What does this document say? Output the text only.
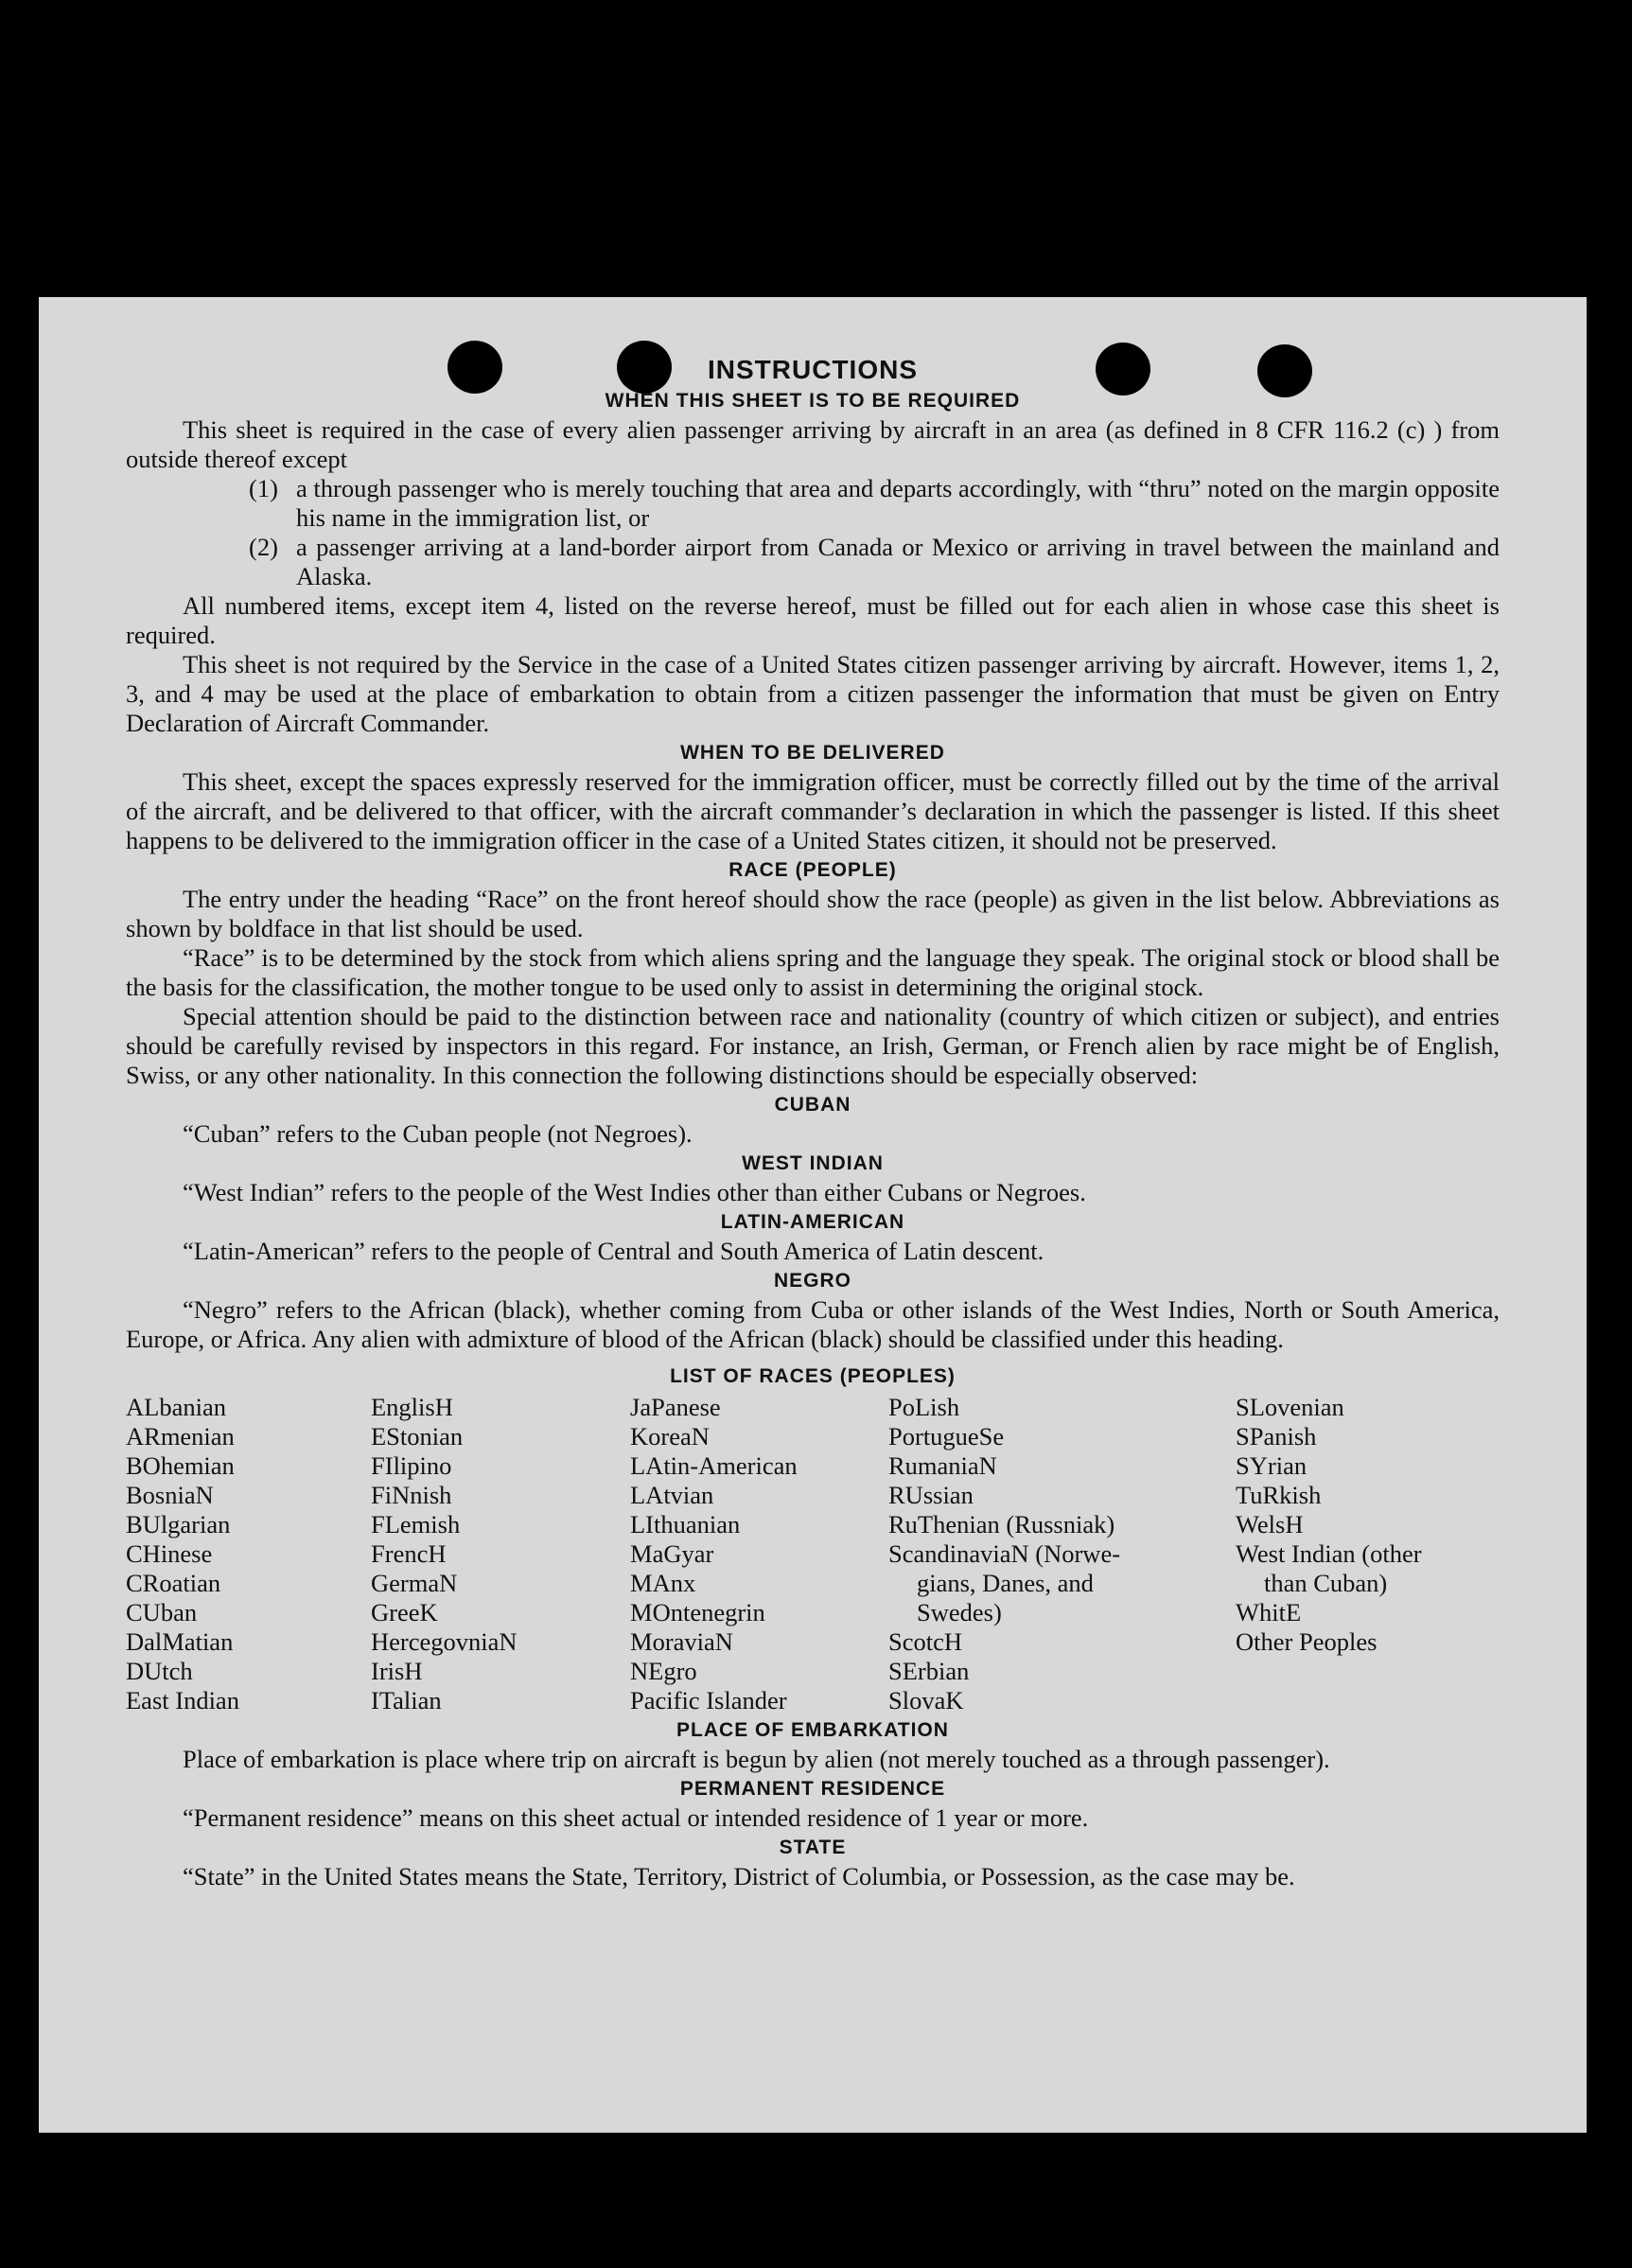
INSTRUCTIONS
WHEN THIS SHEET IS TO BE REQUIRED

This sheet is required in the case of every alien passenger arriving by aircraft in an area (as defined in 8 CFR 116.2 (c) ) from outside thereof except

(1) a through passenger who is merely touching that area and departs accordingly, with “thru” noted on the margin opposite his name in the immigration list, or
(2) a passenger arriving at a land-border airport from Canada or Mexico or arriving in travel between the mainland and Alaska.

All numbered items, except item 4, listed on the reverse hereof, must be filled out for each alien in whose case this sheet is required.

This sheet is not required by the Service in the case of a United States citizen passenger arriving by aircraft. However, items 1, 2, 3, and 4 may be used at the place of embarkation to obtain from a citizen passenger the information that must be given on Entry Declaration of Aircraft Commander.

WHEN TO BE DELIVERED

This sheet, except the spaces expressly reserved for the immigration officer, must be correctly filled out by the time of the arrival of the aircraft, and be delivered to that officer, with the aircraft commander’s declaration in which the passenger is listed. If this sheet happens to be delivered to the immigration officer in the case of a United States citizen, it should not be preserved.

RACE (PEOPLE)

The entry under the heading “Race” on the front hereof should show the race (people) as given in the list below. Abbreviations as shown by boldface in that list should be used.

“Race” is to be determined by the stock from which aliens spring and the language they speak. The original stock or blood shall be the basis for the classification, the mother tongue to be used only to assist in determining the original stock.

Special attention should be paid to the distinction between race and nationality (country of which citizen or subject), and entries should be carefully revised by inspectors in this regard. For instance, an Irish, German, or French alien by race might be of English, Swiss, or any other nationality. In this connection the following distinctions should be especially observed:

CUBAN

“Cuban” refers to the Cuban people (not Negroes).

WEST INDIAN

“West Indian” refers to the people of the West Indies other than either Cubans or Negroes.

LATIN-AMERICAN

“Latin-American” refers to the people of Central and South America of Latin descent.

NEGRO

“Negro” refers to the African (black), whether coming from Cuba or other islands of the West Indies, North or South America, Europe, or Africa. Any alien with admixture of blood of the African (black) should be classified under this heading.

LIST OF RACES (PEOPLES)
ALbanian
ARmenian
BOhemian
BosniaN
BUlgarian
CHinese
CRoatian
CUban
DalMatian
DUtch
East Indian
EnglisH
EStonian
FIlipino
FiNnish
FLemish
FrencH
GermaN
GreeK
HercegovniaN
IrisH
ITalian
JaPanese
KoreaN
LAtin-American
LAtvian
LIthuanian
MaGyar
MAnx
MOntenegrin
MoraviaN
NEgro
Pacific Islander
PoLish
PortugueSe
RumaniaN
RUssian
RuThenian (Russniak)
ScandinaviaN (Norwe-
gians, Danes, and
Swedes)
ScotcH
SErbian
SlovaK
SLovenian
SPanish
SYrian
TuRkish
WelsH
West Indian (other
than Cuban)
WhitE
Other Peoples
PLACE OF EMBARKATION

Place of embarkation is place where trip on aircraft is begun by alien (not merely touched as a through passenger).

PERMANENT RESIDENCE

“Permanent residence” means on this sheet actual or intended residence of 1 year or more.

STATE

“State” in the United States means the State, Territory, District of Columbia, or Possession, as the case may be.
